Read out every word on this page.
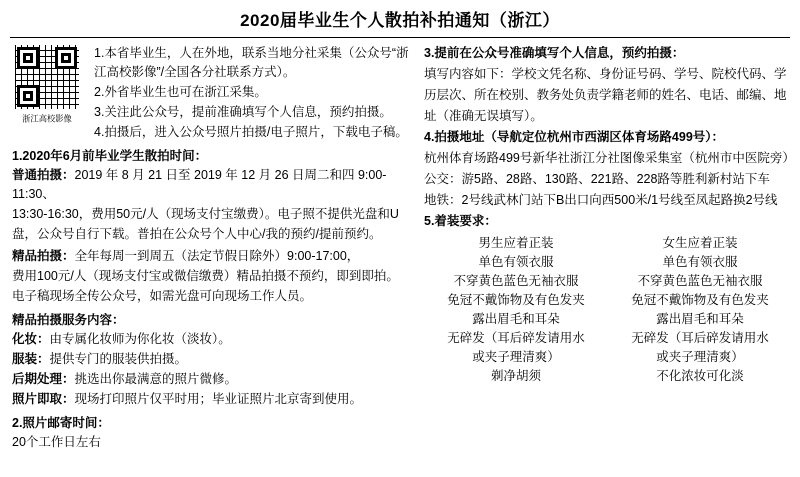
2020届毕业生个人散拍补拍通知（浙江）
浙江高校影像

1.本省毕业生，人在外地，联系当地分社采集（公众号“浙江高校影像”/全国各分社联系方式）。

2.外省毕业生也可在浙江采集。

3.关注此公众号，提前准确填写个人信息，预约拍摄。

4.拍摄后，进入公众号照片拍摄/电子照片，下载电子稿。

1.2020年6月前毕业学生散拍时间：
普通拍摄：2019 年 8 月 21 日至 2019 年 12 月 26 日周二和四 9:00-11:30、
13:30-16:30，费用50元/人（现场支付宝缴费）。电子照不提供光盘和U
盘，公众号自行下载。普拍在公众号个人中心/我的预约/提前预约。
精品拍摄：全年每周一到周五（法定节假日除外）9:00-17:00，
费用100元/人（现场支付宝或微信缴费）精品拍摄不预约，即到即拍。
电子稿现场全传公众号，如需光盘可向现场工作人员。
精品拍摄服务内容：
化妆：由专属化妆师为你化妆（淡妆）。
服装：提供专门的服装供拍摄。
后期处理：挑选出你最满意的照片微修。
照片即取：现场打印照片仅平时用；毕业证照片北京寄到使用。
2.照片邮寄时间：
20个工作日左右
3.提前在公众号准确填写个人信息，预约拍摄：
填写内容如下：学校文凭名称、身份证号码、学号、院校代码、学
历层次、所在校别、教务处负责学籍老师的姓名、电话、邮编、地
址（准确无误填写）。
4.拍摄地址（导航定位杭州市西湖区体育场路499号）：
杭州体育场路499号新华社浙江分社图像采集室（杭州市中医院旁）
公交：游5路、28路、130路、221路、228路等胜利新村站下车
地铁：2号线武林门站下B出口向西500米/1号线至凤起路换2号线
5.着装要求：
男生应着正装
单色有领衣服
不穿黄色蓝色无袖衣服
免冠不戴饰物及有色发夹
露出眉毛和耳朵
无碎发（耳后碎发请用水
或夹子理清爽）
剃净胡须
女生应着正装
单色有领衣服
不穿黄色蓝色无袖衣服
免冠不戴饰物及有色发夹
露出眉毛和耳朵
无碎发（耳后碎发请用水
或夹子理清爽）
不化浓妆可化淡
